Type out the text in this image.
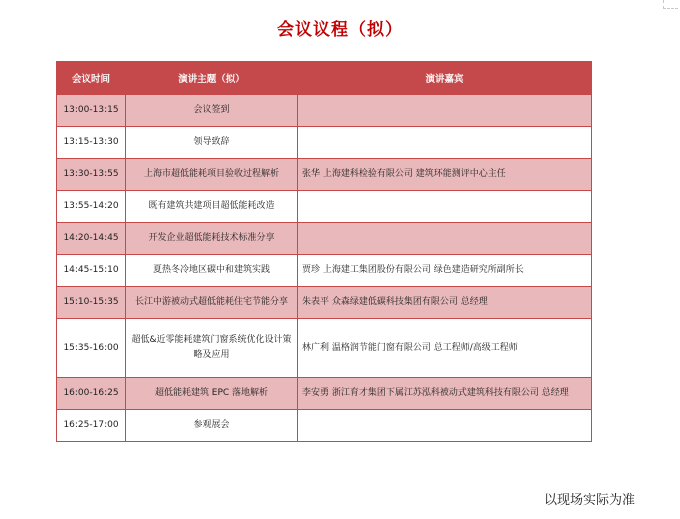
会议议程（拟）
会议时间	演讲主题（拟）	演讲嘉宾
13:00-13:15	会议签到	
13:15-13:30	领导致辞	
13:30-13:55	上海市超低能耗项目验收过程解析	张华 上海建科检验有限公司 建筑环能测评中心主任
13:55-14:20	既有建筑共建项目超低能耗改造	
14:20-14:45	开发企业超低能耗技术标准分享	
14:45-15:10	夏热冬冷地区碳中和建筑实践	贾珍 上海建工集团股份有限公司 绿色建造研究所副所长
15:10-15:35	长江中游被动式超低能耗住宅节能分享	朱表平 众森绿建低碳科技集团有限公司 总经理
15:35-16:00	超低&近零能耗建筑门窗系统优化设计策略及应用	林广利 温格润节能门窗有限公司 总工程师/高级工程师
16:00-16:25	超低能耗建筑 EPC 落地解析	李安勇 浙江育才集团下属江苏泓科被动式建筑科技有限公司 总经理
16:25-17:00	参观展会	
以现场实际为准
